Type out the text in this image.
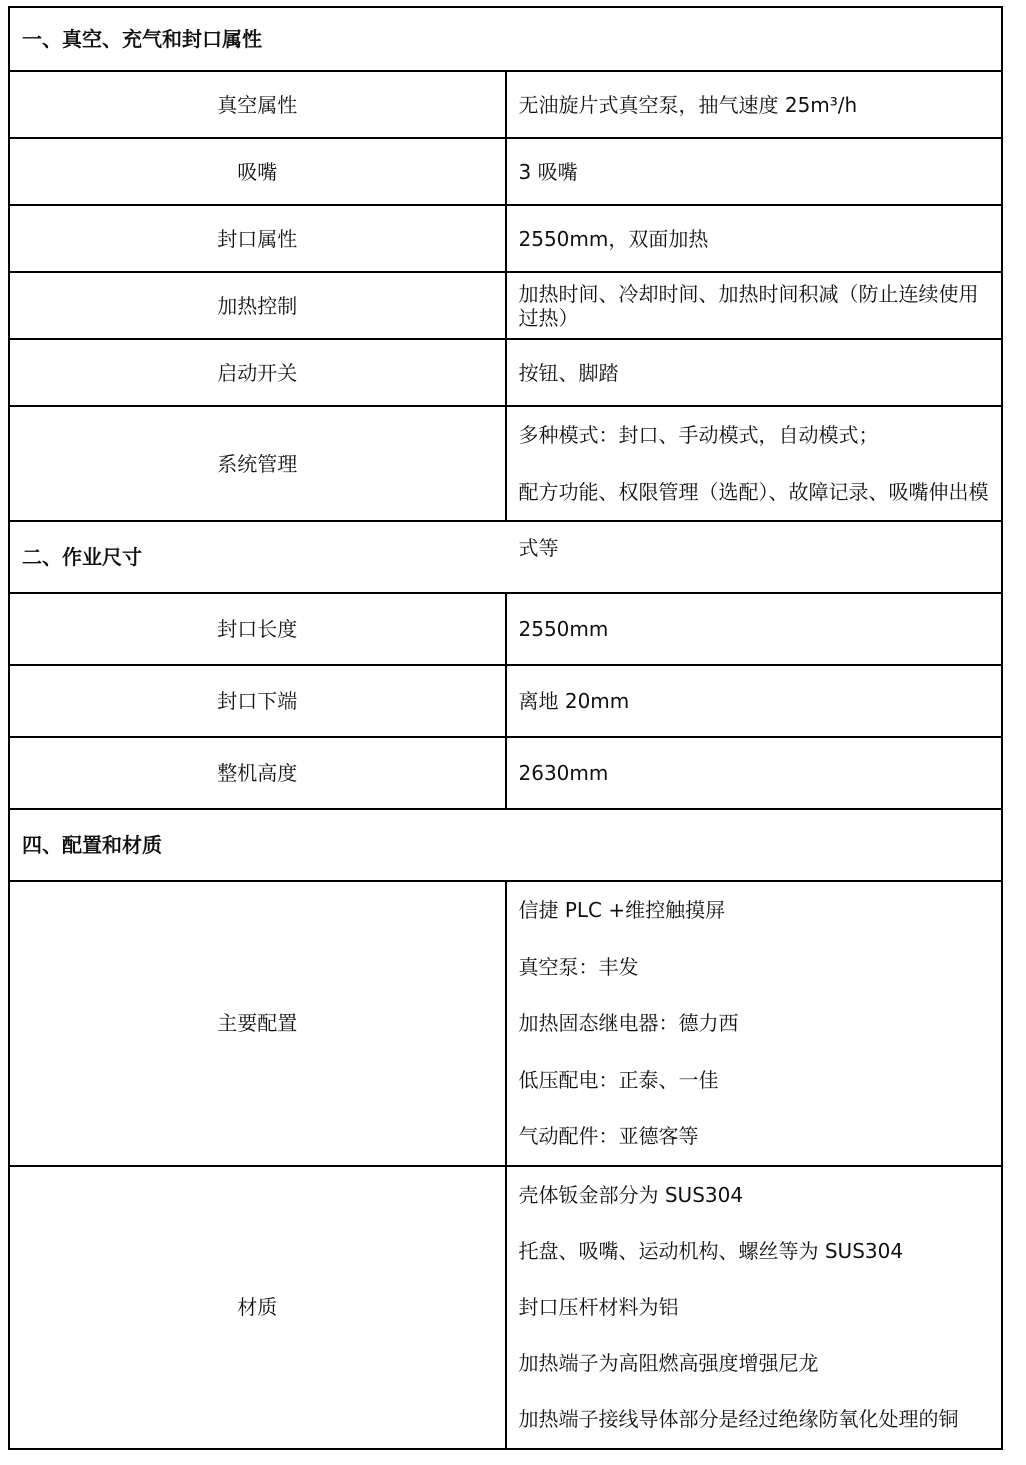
一、真空、充气和封口属性	
真空属性	无油旋片式真空泵，抽气速度 25m³/h
吸嘴	3 吸嘴
封口属性	2550mm，双面加热
加热控制	加热时间、冷却时间、加热时间积减（防止连续使用过热）
启动开关	按钮、脚踏
系统管理	多种模式：封口、手动模式，自动模式；
配方功能、权限管理（选配）、故障记录、吸嘴伸出模式等

二、作业尺寸	
封口长度	2550mm
封口下端	离地 20mm
整机高度	2630mm
四、配置和材质	
主要配置	信捷 PLC +维控触摸屏
真空泵：丰发
加热固态继电器：德力西
低压配电：正泰、一佳
气动配件：亚德客等

材质	壳体钣金部分为 SUS304
托盘、吸嘴、运动机构、螺丝等为 SUS304
封口压杆材料为铝
加热端子为高阻燃高强度增强尼龙
加热端子接线导体部分是经过绝缘防氧化处理的铜
